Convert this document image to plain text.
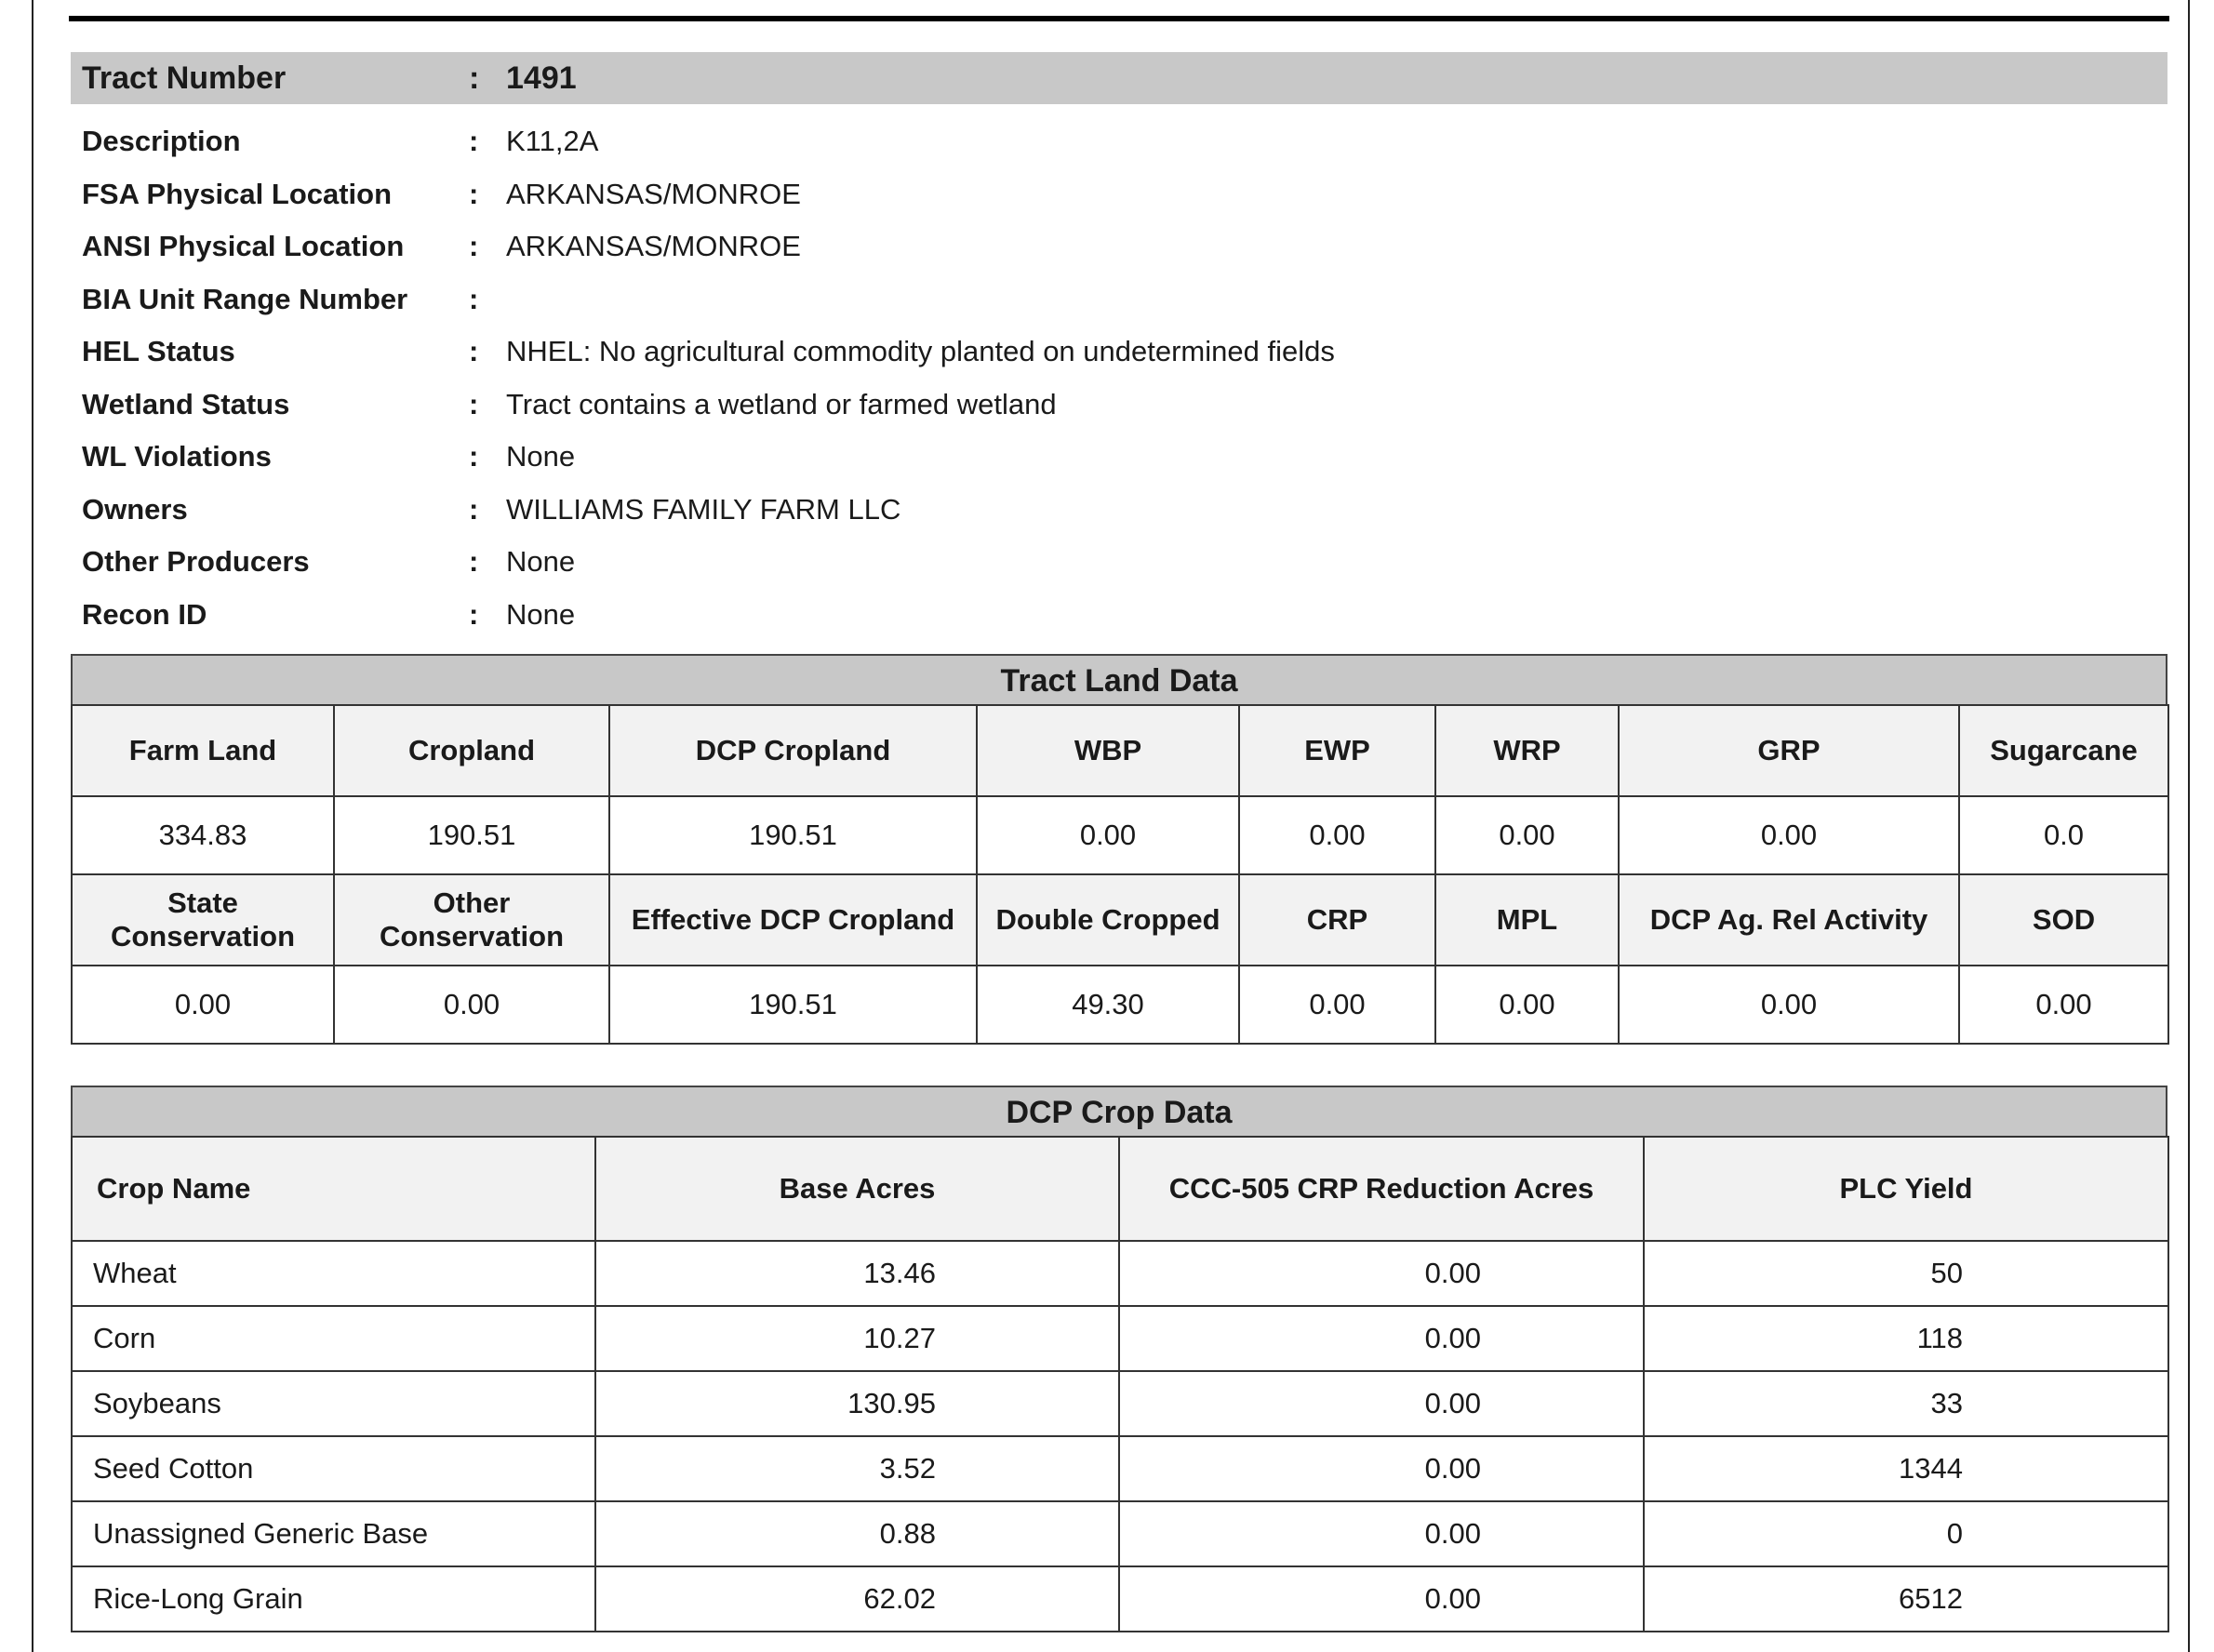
Tract Number	: 1491
Description	: K11,2A
FSA Physical Location	: ARKANSAS/MONROE
ANSI Physical Location	: ARKANSAS/MONROE
BIA Unit Range Number	:
HEL Status	: NHEL: No agricultural commodity planted on undetermined fields
Wetland Status	: Tract contains a wetland or farmed wetland
WL Violations	: None
Owners	: WILLIAMS FAMILY FARM LLC
Other Producers	: None
Recon ID	: None
Tract Land Data
Farm Land	Cropland	DCP Cropland	WBP	EWP	WRP	GRP	Sugarcane
334.83	190.51	190.51	0.00	0.00	0.00	0.00	0.0
State Conservation	Other Conservation	Effective DCP Cropland	Double Cropped	CRP	MPL	DCP Ag. Rel Activity	SOD
0.00	0.00	190.51	49.30	0.00	0.00	0.00	0.00
DCP Crop Data
Crop Name	Base Acres	CCC-505 CRP Reduction Acres	PLC Yield
Wheat	13.46	0.00	50
Corn	10.27	0.00	118
Soybeans	130.95	0.00	33
Seed Cotton	3.52	0.00	1344
Unassigned Generic Base	0.88	0.00	0
Rice-Long Grain	62.02	0.00	6512
